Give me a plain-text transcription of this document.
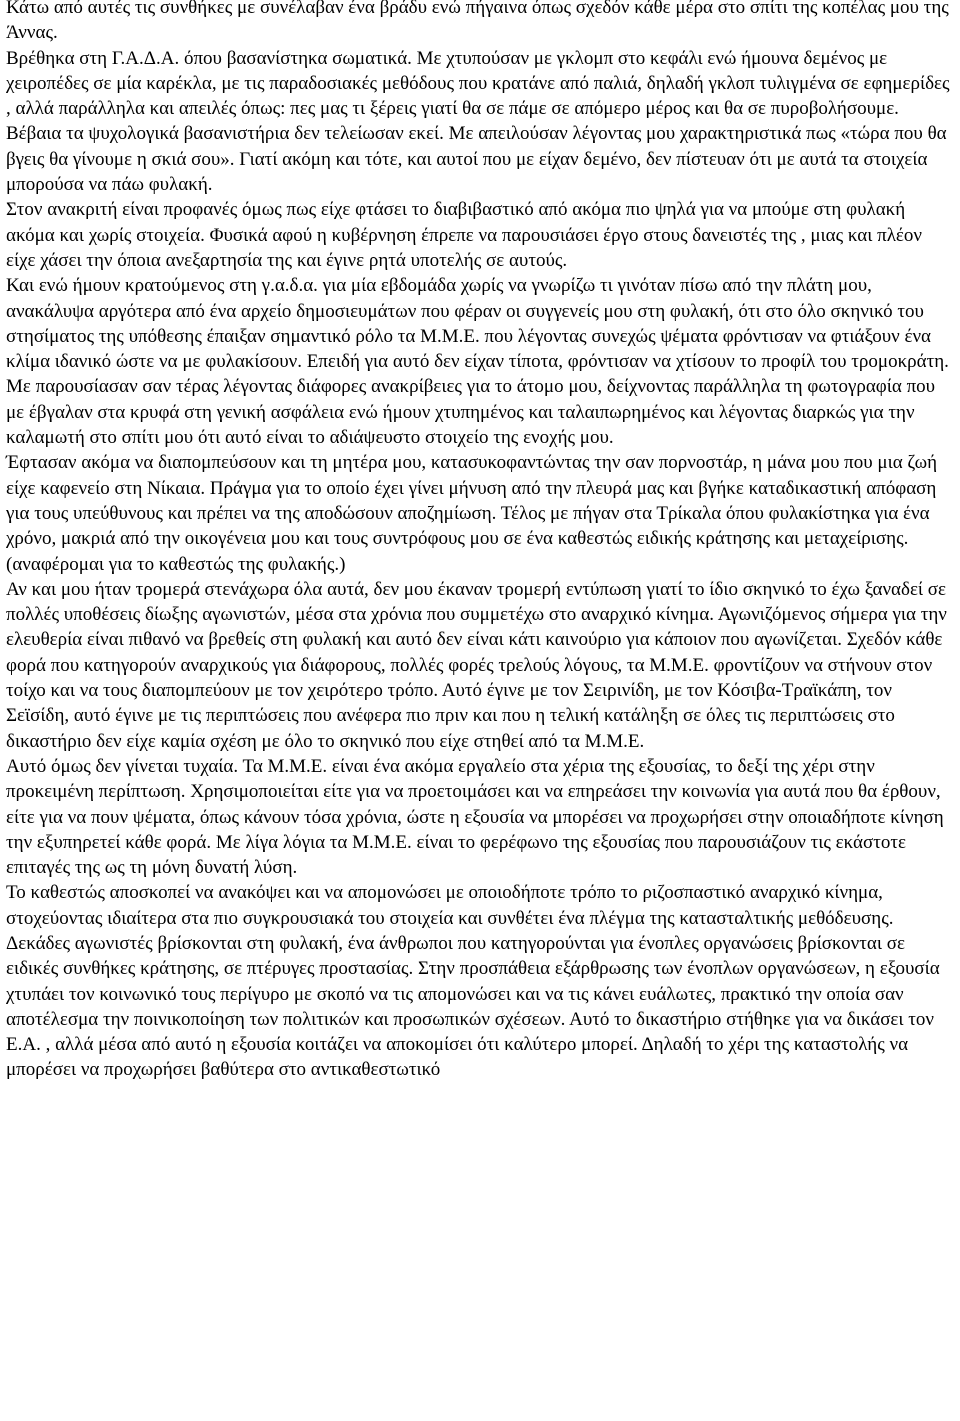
Κάτω από αυτές τις συνθήκες με συνέλαβαν ένα βράδυ ενώ πήγαινα όπως σχεδόν κάθε μέρα στο σπίτι της κοπέλας μου της Άννας.

Βρέθηκα στη Γ.Α.Δ.Α. όπου βασανίστηκα σωματικά. Με χτυπούσαν με γκλομπ στο κεφάλι ενώ ήμουνα δεμένος με χειροπέδες σε μία καρέκλα, με τις παραδοσιακές μεθόδους που κρατάνε από παλιά, δηλαδή γκλοπ τυλιγμένα σε εφημερίδες , αλλά παράλληλα και απειλές όπως: πες μας τι ξέρεις γιατί θα σε πάμε σε απόμερο μέρος και θα σε πυροβολήσουμε. Βέβαια τα ψυχολογικά βασανιστήρια δεν τελείωσαν εκεί. Με απειλούσαν λέγοντας μου χαρακτηριστικά πως «τώρα που θα βγεις θα γίνουμε η σκιά σου». Γιατί ακόμη και τότε, και αυτοί που με είχαν δεμένο, δεν πίστευαν ότι με αυτά τα στοιχεία μπορούσα να πάω φυλακή.

Στον ανακριτή είναι προφανές όμως πως είχε φτάσει το διαβιβαστικό από ακόμα πιο ψηλά για να μπούμε στη φυλακή ακόμα και χωρίς στοιχεία. Φυσικά αφού η κυβέρνηση έπρεπε να παρουσιάσει έργο στους δανειστές της , μιας και πλέον είχε χάσει την όποια ανεξαρτησία της και έγινε ρητά υποτελής σε αυτούς.

Και ενώ ήμουν κρατούμενος στη γ.α.δ.α. για μία εβδομάδα χωρίς να γνωρίζω τι γινόταν πίσω από την πλάτη μου, ανακάλυψα αργότερα από ένα αρχείο δημοσιευμάτων που φέραν οι συγγενείς μου στη φυλακή, ότι στο όλο σκηνικό του στησίματος της υπόθεσης έπαιξαν σημαντικό ρόλο τα Μ.Μ.Ε. που λέγοντας συνεχώς ψέματα φρόντισαν να φτιάξουν ένα κλίμα ιδανικό ώστε να με φυλακίσουν. Επειδή για αυτό δεν είχαν τίποτα, φρόντισαν να χτίσουν το προφίλ του τρομοκράτη. Με παρουσίασαν σαν τέρας λέγοντας διάφορες ανακρίβειες για το άτομο μου, δείχνοντας παράλληλα τη φωτογραφία που με έβγαλαν στα κρυφά στη γενική ασφάλεια ενώ ήμουν χτυπημένος και ταλαιπωρημένος και λέγοντας διαρκώς για την καλαμωτή στο σπίτι μου ότι αυτό είναι το αδιάψευστο στοιχείο της ενοχής μου.

Έφτασαν ακόμα να διαπομπεύσουν και τη μητέρα μου, κατασυκοφαντώντας την σαν πορνοστάρ, η μάνα μου που μια ζωή είχε καφενείο στη Νίκαια. Πράγμα για το οποίο έχει γίνει μήνυση από την πλευρά μας και βγήκε καταδικαστική απόφαση για τους υπεύθυνους και πρέπει να της αποδώσουν αποζημίωση. Τέλος με πήγαν στα Τρίκαλα όπου φυλακίστηκα για ένα χρόνο, μακριά από την οικογένεια μου και τους συντρόφους μου σε ένα καθεστώς ειδικής κράτησης και μεταχείρισης. (αναφέρομαι για το καθεστώς της φυλακής.)

Αν και μου ήταν τρομερά στενάχωρα όλα αυτά, δεν μου έκαναν τρομερή εντύπωση γιατί το ίδιο σκηνικό το έχω ξαναδεί σε πολλές υποθέσεις δίωξης αγωνιστών, μέσα στα χρόνια που συμμετέχω στο αναρχικό κίνημα. Αγωνιζόμενος σήμερα για την ελευθερία είναι πιθανό να βρεθείς στη φυλακή και αυτό δεν είναι κάτι καινούριο για κάποιον που αγωνίζεται. Σχεδόν κάθε φορά που κατηγορούν αναρχικούς για διάφορους, πολλές φορές τρελούς λόγους, τα Μ.Μ.Ε. φροντίζουν να στήνουν στον τοίχο και να τους διαπομπεύουν με τον χειρότερο τρόπο. Αυτό έγινε με τον Σειρινίδη, με τον Κόσιβα-Τραϊκάπη, τον Σεϊσίδη, αυτό έγινε με τις περιπτώσεις που ανέφερα πιο πριν και που η τελική κατάληξη σε όλες τις περιπτώσεις στο δικαστήριο δεν είχε καμία σχέση με όλο το σκηνικό που είχε στηθεί από τα Μ.Μ.Ε.

Αυτό όμως δεν γίνεται τυχαία. Τα Μ.Μ.Ε. είναι ένα ακόμα εργαλείο στα χέρια της εξουσίας, το δεξί της χέρι στην προκειμένη περίπτωση. Χρησιμοποιείται είτε για να προετοιμάσει και να επηρεάσει την κοινωνία για αυτά που θα έρθουν, είτε για να πουν ψέματα, όπως κάνουν τόσα χρόνια, ώστε η εξουσία να μπορέσει να προχωρήσει στην οποιαδήποτε κίνηση την εξυπηρετεί κάθε φορά. Με λίγα λόγια τα Μ.Μ.Ε. είναι το φερέφωνο της εξουσίας που παρουσιάζουν τις εκάστοτε επιταγές της ως τη μόνη δυνατή λύση.

Το καθεστώς αποσκοπεί να ανακόψει και να απομονώσει με οποιοδήποτε τρόπο το ριζοσπαστικό αναρχικό κίνημα, στοχεύοντας ιδιαίτερα στα πιο συγκρουσιακά του στοιχεία και συνθέτει ένα πλέγμα της κατασταλτικής μεθόδευσης. Δεκάδες αγωνιστές βρίσκονται στη φυλακή, ένα άνθρωποι που κατηγορούνται για ένοπλες οργανώσεις βρίσκονται σε ειδικές συνθήκες κράτησης, σε πτέρυγες προστασίας. Στην προσπάθεια εξάρθρωσης των ένοπλων οργανώσεων, η εξουσία χτυπάει τον κοινωνικό τους περίγυρο με σκοπό να τις απομονώσει και να τις κάνει ευάλωτες, πρακτικό την οποία σαν αποτέλεσμα την ποινικοποίηση των πολιτικών και προσωπικών σχέσεων. Αυτό το δικαστήριο στήθηκε για να δικάσει τον Ε.Α. , αλλά μέσα από αυτό η εξουσία κοιτάζει να αποκομίσει ότι καλύτερο μπορεί. Δηλαδή το χέρι της καταστολής να μπορέσει να προχωρήσει βαθύτερα στο αντικαθεστωτικό
